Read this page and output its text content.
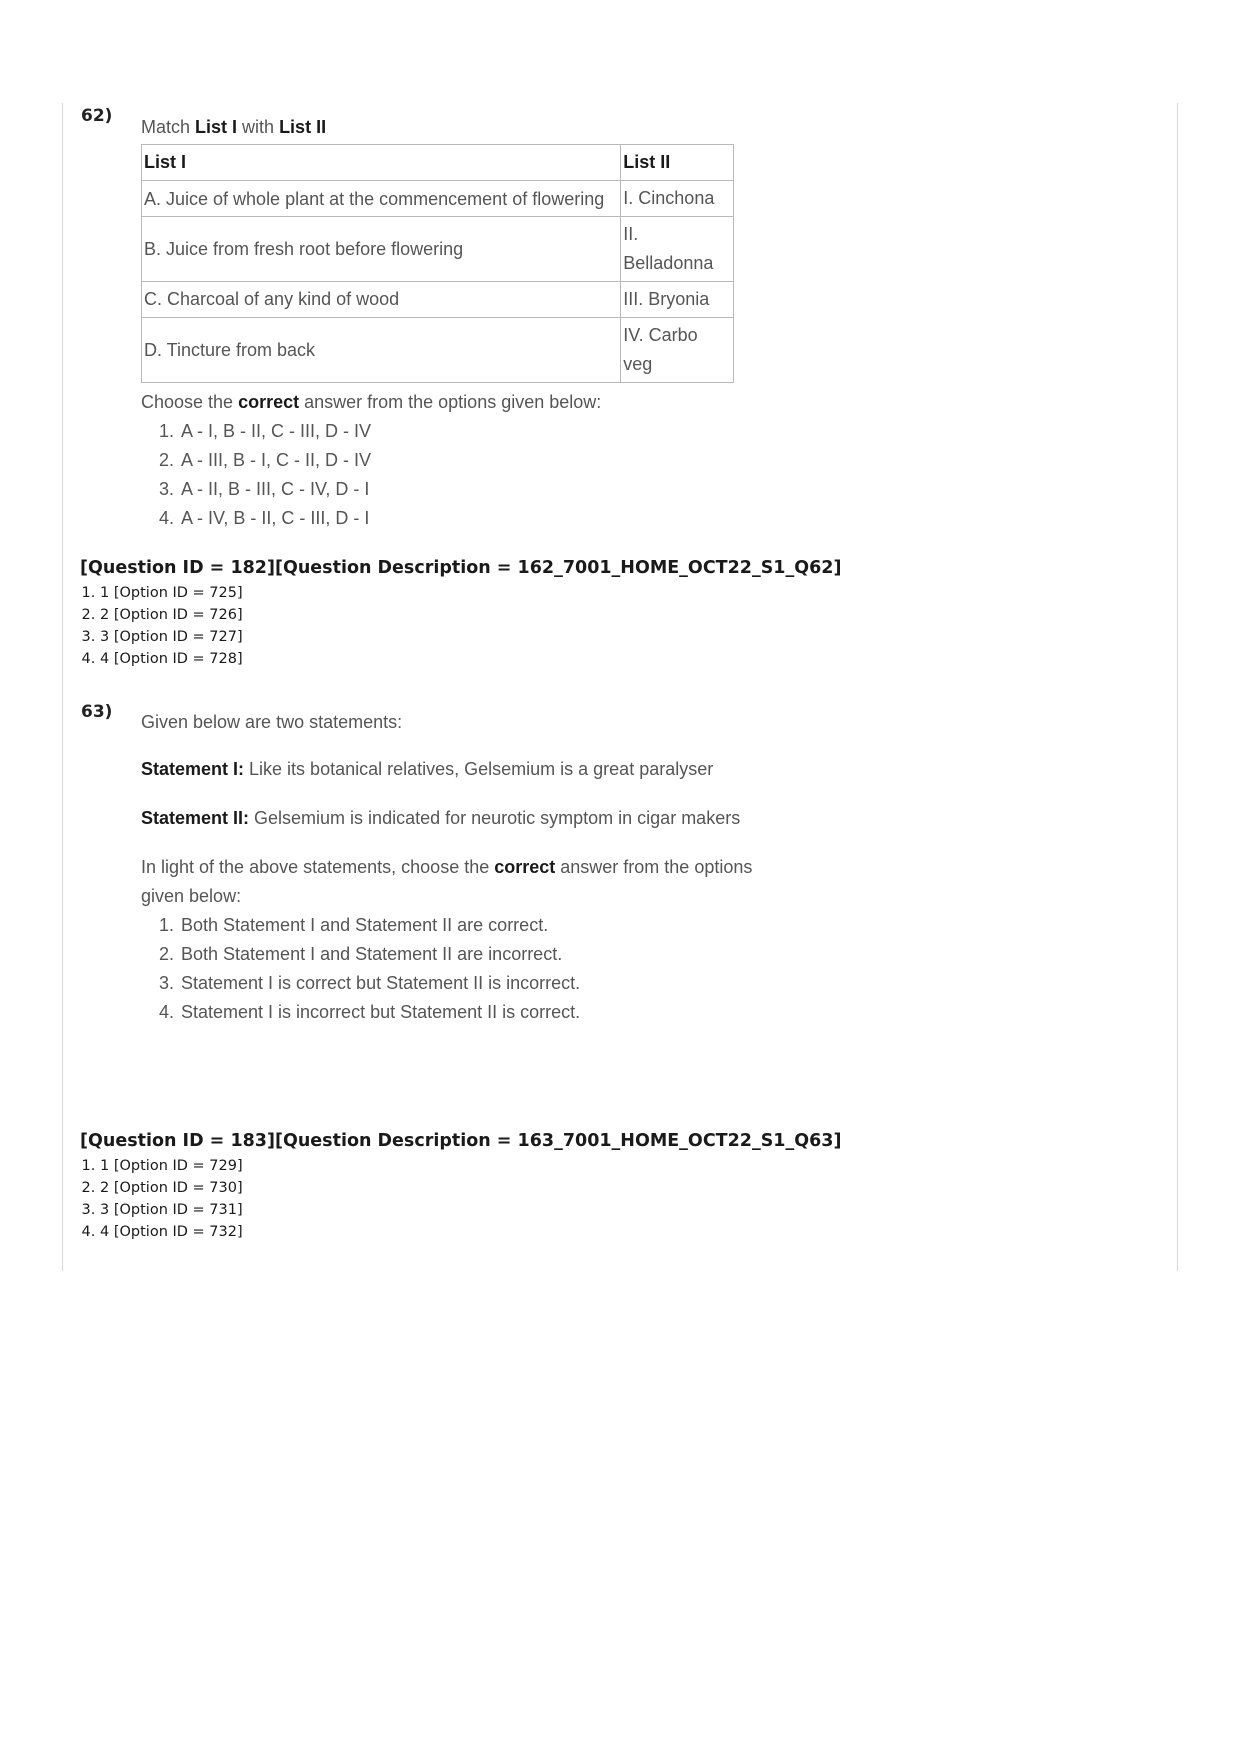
62)
Match List I with List II
List I	List II
A. Juice of whole plant at the commencement of flowering	I. Cinchona
B. Juice from fresh root before flowering	II. Belladonna
C. Charcoal of any kind of wood	III. Bryonia
D. Tincture from back	IV. Carbo veg
Choose the correct answer from the options given below:
1. A - I, B - II, C - III, D - IV
2. A - III, B - I, C - II, D - IV
3. A - II, B - III, C - IV, D - I
4. A - IV, B - II, C - III, D - I
[Question ID = 182][Question Description = 162_7001_HOME_OCT22_S1_Q62]
1. 1 [Option ID = 725]
2. 2 [Option ID = 726]
3. 3 [Option ID = 727]
4. 4 [Option ID = 728]
63) Given below are two statements:

Statement I: Like its botanical relatives, Gelsemium is a great paralyser

Statement II: Gelsemium is indicated for neurotic symptom in cigar makers

In light of the above statements, choose the correct answer from the options given below:

1. Both Statement I and Statement II are correct.
2. Both Statement I and Statement II are incorrect.
3. Statement I is correct but Statement II is incorrect.
4. Statement I is incorrect but Statement II is correct.
[Question ID = 183][Question Description = 163_7001_HOME_OCT22_S1_Q63]
1. 1 [Option ID = 729]
2. 2 [Option ID = 730]
3. 3 [Option ID = 731]
4. 4 [Option ID = 732]
